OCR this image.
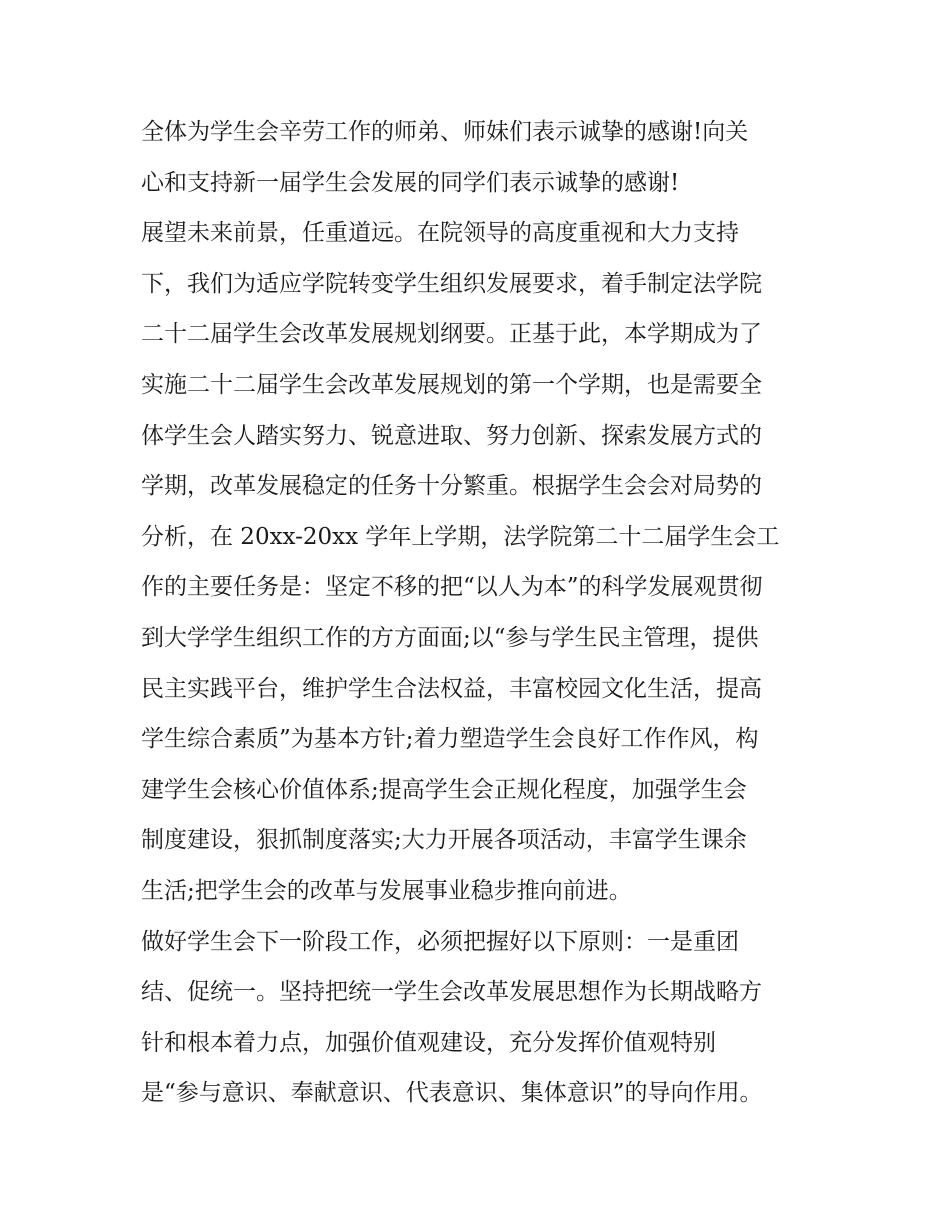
全体为学生会辛劳工作的师弟、师妹们表示诚挚的感谢!向关
心和支持新一届学生会发展的同学们表示诚挚的感谢!
展望未来前景，任重道远。在院领导的高度重视和大力支持
下，我们为适应学院转变学生组织发展要求，着手制定法学院
二十二届学生会改革发展规划纲要。正基于此，本学期成为了
实施二十二届学生会改革发展规划的第一个学期，也是需要全
体学生会人踏实努力、锐意进取、努力创新、探索发展方式的
学期，改革发展稳定的任务十分繁重。根据学生会会对局势的
分析，在 20xx-20xx 学年上学期，法学院第二十二届学生会工
作的主要任务是：坚定不移的把“以人为本”的科学发展观贯彻
到大学学生组织工作的方方面面;以“参与学生民主管理，提供
民主实践平台，维护学生合法权益，丰富校园文化生活，提高
学生综合素质”为基本方针;着力塑造学生会良好工作作风，构
建学生会核心价值体系;提高学生会正规化程度，加强学生会
制度建设，狠抓制度落实;大力开展各项活动，丰富学生课余
生活;把学生会的改革与发展事业稳步推向前进。
做好学生会下一阶段工作，必须把握好以下原则：一是重团
结、促统一。坚持把统一学生会改革发展思想作为长期战略方
针和根本着力点，加强价值观建设，充分发挥价值观特别
是“参与意识、奉献意识、代表意识、集体意识”的导向作用。
